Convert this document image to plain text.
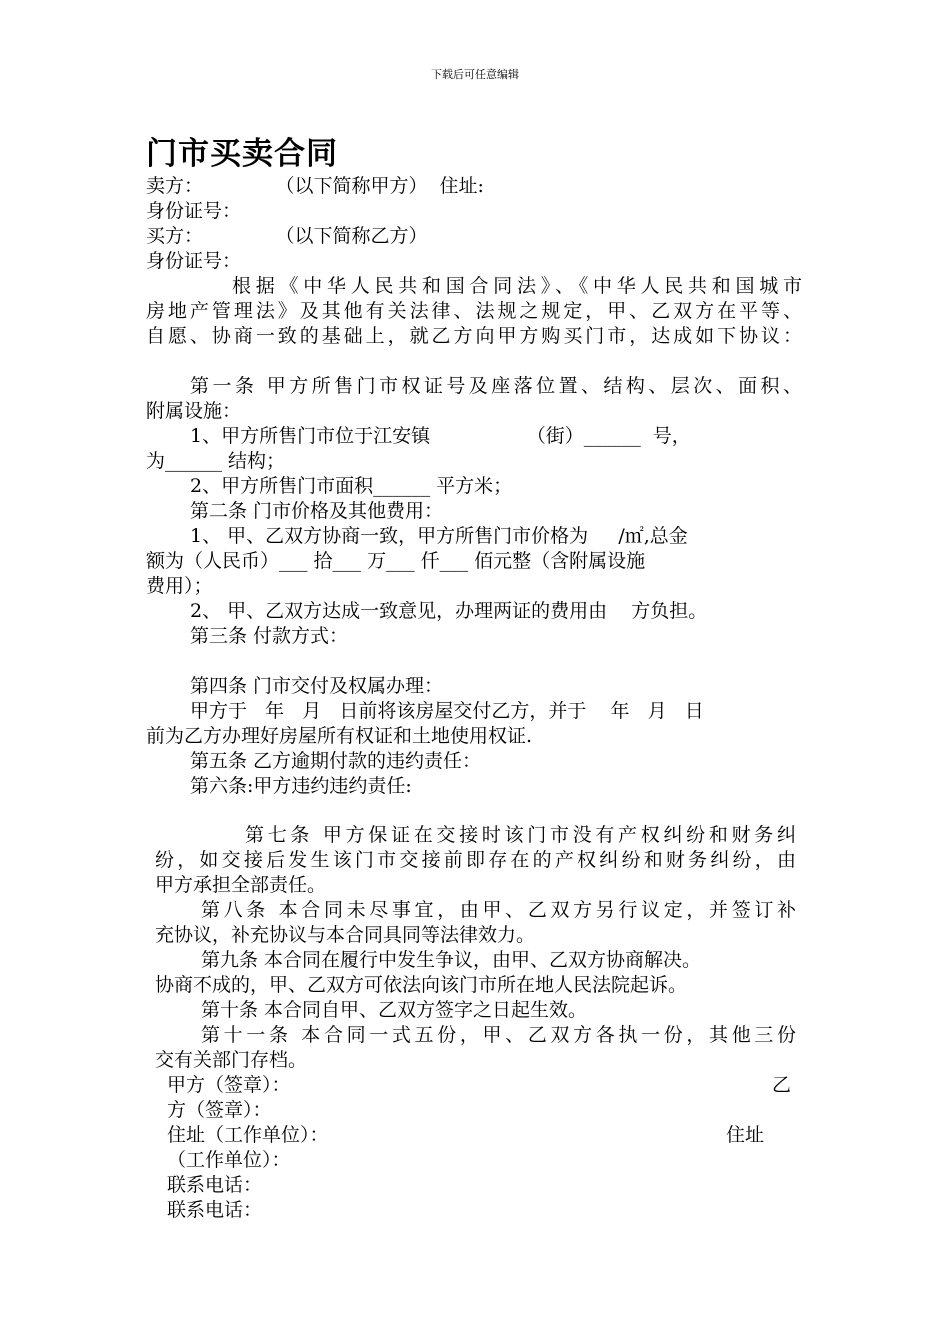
下载后可任意编辑
门市买卖合同
卖方：            （以下简称甲方）  住址:
身份证号：
买方：            （以下简称乙方）
身份证号：
根据《中华人民共和国合同法》、《中华人民共和国城市
房地产管理法》及其他有关法律、法规之规定，甲、乙双方在平等、
自愿、协商一致的基础上，就乙方向甲方购买门市，达成如下协议：
第一条 甲方所售门市权证号及座落位置、结构、层次、面积、
附属设施：
1、甲方所售门市位于江安镇                （街）______  号，
为______ 结构；
2、甲方所售门市面积______ 平方米；
第二条 门市价格及其他费用：
1、 甲、乙双方协商一致，甲方所售门市价格为     /㎡,总金
额为（人民币）___ 拾___ 万___ 仟___ 佰元整（含附属设施
费用）；
2、 甲、乙双方达成一致意见，办理两证的费用由    方负担。
第三条 付款方式：
第四条 门市交付及权属办理：
甲方于   年   月   日前将该房屋交付乙方，并于    年   月   日
前为乙方办理好房屋所有权证和土地使用权证.
第五条 乙方逾期付款的违约责任：
第六条:甲方违约违约责任:
第七条 甲方保证在交接时该门市没有产权纠纷和财务纠
纷，如交接后发生该门市交接前即存在的产权纠纷和财务纠纷，由
甲方承担全部责任。
第八条 本合同未尽事宜，由甲、乙双方另行议定，并签订补
充协议，补充协议与本合同具同等法律效力。
第九条 本合同在履行中发生争议，由甲、乙双方协商解决。
协商不成的，甲、乙双方可依法向该门市所在地人民法院起诉。
第十条 本合同自甲、乙双方签字之日起生效。
第十一条 本合同一式五份，甲、乙双方各执一份，其他三份
交有关部门存档。
甲方（签章）：	乙
方（签章）：
住址（工作单位）：	住址
（工作单位）：
联系电话：
联系电话：
